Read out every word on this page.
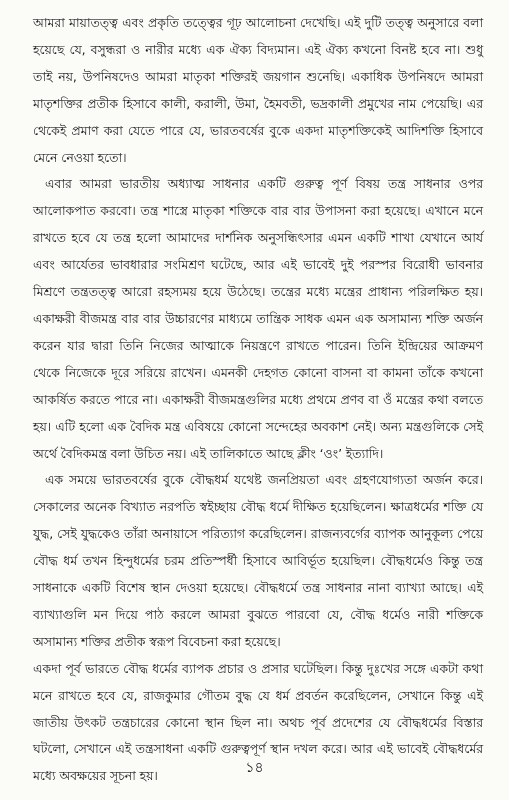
আমরা মায়াতত্ত্ব এবং প্রকৃতি তত্ত্বের গূঢ় আলোচনা দেখেছি। এই দুটি তত্ত্ব অনুসারে বলা হয়েছে যে, বসুন্ধরা ও নারীর মধ্যে এক ঐক্য বিদ্যমান। এই ঐক্য কখনো বিনষ্ট হবে না। শুধু তাই নয়, উপনিষদেও আমরা মাতৃকা শক্তিরই জয়গান শুনেছি। একাধিক উপনিষদে আমরা মাতৃশক্তির প্রতীক হিসাবে কালী, করালী, উমা, হৈমবতী, ভদ্রকালী প্রমুখের নাম পেয়েছি। এর থেকেই প্রমাণ করা যেতে পারে যে, ভারতবর্ষের বুকে একদা মাতৃশক্তিকেই আদিশক্তি হিসাবে মেনে নেওয়া হতো।

এবার আমরা ভারতীয় অধ্যাত্ম সাধনার একটি গুরুত্ব পূর্ণ বিষয় তন্ত্র সাধনার ওপর আলোকপাত করবো। তন্ত্র শাস্ত্রে মাতৃকা শক্তিকে বার বার উপাসনা করা হয়েছে। এখানে মনে রাখতে হবে যে তন্ত্র হলো আমাদের দার্শনিক অনুসন্ধিৎসার এমন একটি শাখা যেখানে আর্য এবং আর্যেতর ভাবধারার সংমিশ্রণ ঘটেছে, আর এই ভাবেই দুই পরস্পর বিরোধী ভাবনার মিশ্রণে তন্ত্রতত্ত্ব আরো রহস্যময় হয়ে উঠেছে। তন্ত্রের মধ্যে মন্ত্রের প্রাধান্য পরিলক্ষিত হয়। একাক্ষরী বীজমন্ত্র বার বার উচ্চারণের মাধ্যমে তান্ত্রিক সাধক এমন এক অসামান্য শক্তি অর্জন করেন যার দ্বারা তিনি নিজের আত্মাকে নিয়ন্ত্রণে রাখতে পারেন। তিনি ইন্দ্রিয়ের আক্রমণ থেকে নিজেকে দূরে সরিয়ে রাখেন। এমনকী দেহগত কোনো বাসনা বা কামনা তাঁকে কখনো আকর্ষিত করতে পারে না। একাক্ষরী বীজমন্ত্রগুলির মধ্যে প্রথমে প্রণব বা ওঁ মন্ত্রের কথা বলতে হয়। এটি হলো এক বৈদিক মন্ত্র এবিষয়ে কোনো সন্দেহের অবকাশ নেই। অন্য মন্ত্রগুলিকে সেই অর্থে বৈদিকমন্ত্র বলা উচিত নয়। এই তালিকাতে আছে ক্লীং ‘ওং’ ইত্যাদি।

এক সময়ে ভারতবর্ষের বুকে বৌদ্ধধর্ম যথেষ্ট জনপ্রিয়তা এবং গ্রহণযোগ্যতা অর্জন করে। সেকালের অনেক বিখ্যাত নরপতি স্বইচ্ছায় বৌদ্ধ ধর্মে দীক্ষিত হয়েছিলেন। ক্ষাত্রধর্মের শক্তি যে যুদ্ধ, সেই যুদ্ধকেও তাঁরা অনায়াসে পরিত্যাগ করেছিলেন। রাজন্যবর্গের ব্যাপক আনুকূল্য পেয়ে বৌদ্ধ ধর্ম তখন হিন্দুধর্মের চরম প্রতিস্পর্ধী হিসাবে আবির্ভূত হয়েছিল। বৌদ্ধধর্মেও কিন্তু তন্ত্র সাধনাকে একটি বিশেষ স্থান দেওয়া হয়েছে। বৌদ্ধধর্মে তন্ত্র সাধনার নানা ব্যাখ্যা আছে। এই ব্যাখ্যাগুলি মন দিয়ে পাঠ করলে আমরা বুঝতে পারবো যে, বৌদ্ধ ধর্মেও নারী শক্তিকে অসামান্য শক্তির প্রতীক স্বরূপ বিবেচনা করা হয়েছে।

একদা পূর্ব ভারতে বৌদ্ধ ধর্মের ব্যাপক প্রচার ও প্রসার ঘটেছিল। কিন্তু দুঃখের সঙ্গে একটা কথা মনে রাখতে হবে যে, রাজকুমার গৌতম বুদ্ধ যে ধর্ম প্রবর্তন করেছিলেন, সেখানে কিন্তু এই জাতীয় উৎকট তন্ত্রচারের কোনো স্থান ছিল না। অথচ পূর্ব প্রদেশের যে বৌদ্ধধর্মের বিস্তার ঘটলো, সেখানে এই তন্ত্রসাধনা একটি গুরুত্বপূর্ণ স্থান দখল করে। আর এই ভাবেই বৌদ্ধধর্মের মধ্যে অবক্ষয়ের সূচনা হয়।	১৪
